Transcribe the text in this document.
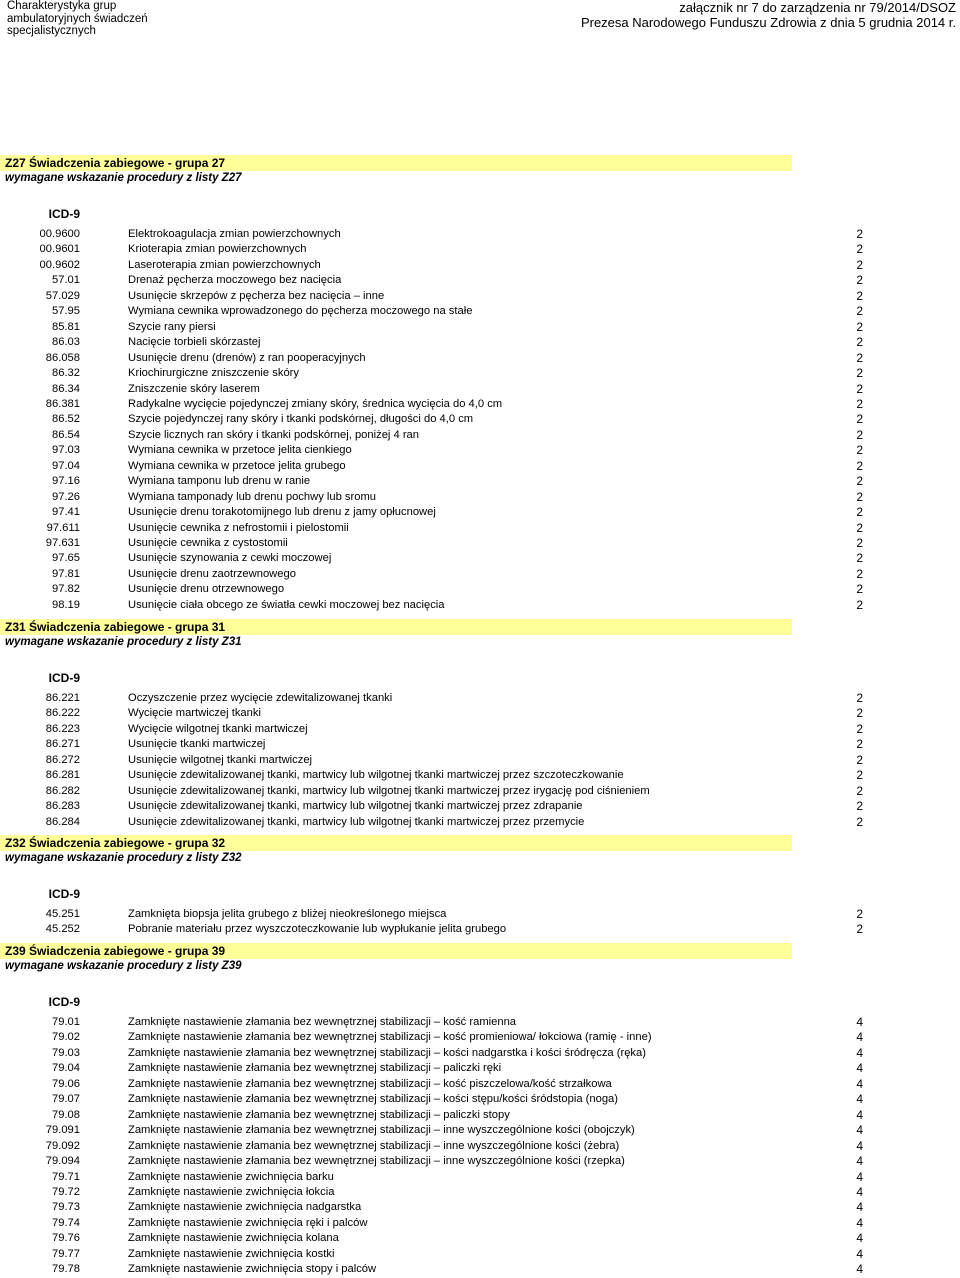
Charakterystyka grup
ambulatoryjnych świadczeń
specjalistycznych
załącznik nr 7 do zarządzenia nr 79/2014/DSOZ
Prezesa Narodowego Funduszu Zdrowia z dnia 5 grudnia 2014 r.
Z27 Świadczenia zabiegowe - grupa 27
wymagane wskazanie procedury z listy Z27
ICD-9
00.9600	Elektrokoagulacja zmian powierzchownych	2
00.9601	Krioterapia zmian powierzchownych	2
00.9602	Laseroterapia zmian powierzchownych	2
57.01	Drenaż pęcherza moczowego bez nacięcia	2
57.029	Usunięcie skrzepów z pęcherza bez nacięcia – inne	2
57.95	Wymiana cewnika wprowadzonego do pęcherza moczowego na stałe	2
85.81	Szycie rany piersi	2
86.03	Nacięcie torbieli skórzastej	2
86.058	Usunięcie drenu (drenów) z ran pooperacyjnych	2
86.32	Kriochirurgiczne zniszczenie skóry	2
86.34	Zniszczenie skóry laserem	2
86.381	Radykalne wycięcie pojedynczej zmiany skóry, średnica wycięcia do 4,0 cm	2
86.52	Szycie pojedynczej rany skóry i tkanki podskórnej, długości do 4,0 cm	2
86.54	Szycie licznych ran skóry i tkanki podskórnej, poniżej 4 ran	2
97.03	Wymiana cewnika w przetoce jelita cienkiego	2
97.04	Wymiana cewnika w przetoce jelita grubego	2
97.16	Wymiana tamponu lub drenu w ranie	2
97.26	Wymiana tamponady lub drenu pochwy lub sromu	2
97.41	Usunięcie drenu torakotomijnego lub drenu z jamy opłucnowej	2
97.611	Usunięcie cewnika z nefrostomii i pielostomii	2
97.631	Usunięcie cewnika z cystostomii	2
97.65	Usunięcie szynowania z cewki moczowej	2
97.81	Usunięcie drenu zaotrzewnowego	2
97.82	Usunięcie drenu otrzewnowego	2
98.19	Usunięcie ciała obcego ze światła cewki moczowej bez nacięcia	2
Z31 Świadczenia zabiegowe - grupa 31
wymagane wskazanie procedury z listy Z31
ICD-9
86.221	Oczyszczenie przez wycięcie zdewitalizowanej tkanki	2
86.222	Wycięcie martwiczej tkanki	2
86.223	Wycięcie wilgotnej tkanki martwiczej	2
86.271	Usunięcie tkanki martwiczej	2
86.272	Usunięcie wilgotnej tkanki martwiczej	2
86.281	Usunięcie zdewitalizowanej tkanki, martwicy lub wilgotnej tkanki martwiczej przez szczoteczkowanie	2
86.282	Usunięcie zdewitalizowanej tkanki, martwicy lub wilgotnej tkanki martwiczej przez irygację pod ciśnieniem	2
86.283	Usunięcie zdewitalizowanej tkanki, martwicy lub wilgotnej tkanki martwiczej przez zdrapanie	2
86.284	Usunięcie zdewitalizowanej tkanki, martwicy lub wilgotnej tkanki martwiczej przez przemycie	2
Z32 Świadczenia zabiegowe - grupa 32
wymagane wskazanie procedury z listy Z32
ICD-9
45.251	Zamknięta biopsja jelita grubego z bliżej nieokreślonego miejsca	2
45.252	Pobranie materiału przez wyszczoteczkowanie lub wypłukanie jelita grubego	2
Z39 Świadczenia zabiegowe - grupa 39
wymagane wskazanie procedury z listy Z39
ICD-9
79.01	Zamknięte nastawienie złamania bez wewnętrznej stabilizacji – kość ramienna	4
79.02	Zamknięte nastawienie złamania bez wewnętrznej stabilizacji – kość promieniowa/ łokciowa (ramię - inne)	4
79.03	Zamknięte nastawienie złamania bez wewnętrznej stabilizacji – kości nadgarstka i kości śródręcza (ręka)	4
79.04	Zamknięte nastawienie złamania bez wewnętrznej stabilizacji – paliczki ręki	4
79.06	Zamknięte nastawienie złamania bez wewnętrznej stabilizacji – kość piszczelowa/kość strzałkowa	4
79.07	Zamknięte nastawienie złamania bez wewnętrznej stabilizacji – kości stępu/kości śródstopia (noga)	4
79.08	Zamknięte nastawienie złamania bez wewnętrznej stabilizacji – paliczki stopy	4
79.091	Zamknięte nastawienie złamania bez wewnętrznej stabilizacji – inne wyszczególnione kości (obojczyk)	4
79.092	Zamknięte nastawienie złamania bez wewnętrznej stabilizacji – inne wyszczególnione kości (żebra)	4
79.094	Zamknięte nastawienie złamania bez wewnętrznej stabilizacji – inne wyszczególnione kości (rzepka)	4
79.71	Zamknięte nastawienie zwichnięcia barku	4
79.72	Zamknięte nastawienie zwichnięcia łokcia	4
79.73	Zamknięte nastawienie zwichnięcia nadgarstka	4
79.74	Zamknięte nastawienie zwichnięcia ręki i palców	4
79.76	Zamknięte nastawienie zwichnięcia kolana	4
79.77	Zamknięte nastawienie zwichnięcia kostki	4
79.78	Zamknięte nastawienie zwichnięcia stopy i palców	4
